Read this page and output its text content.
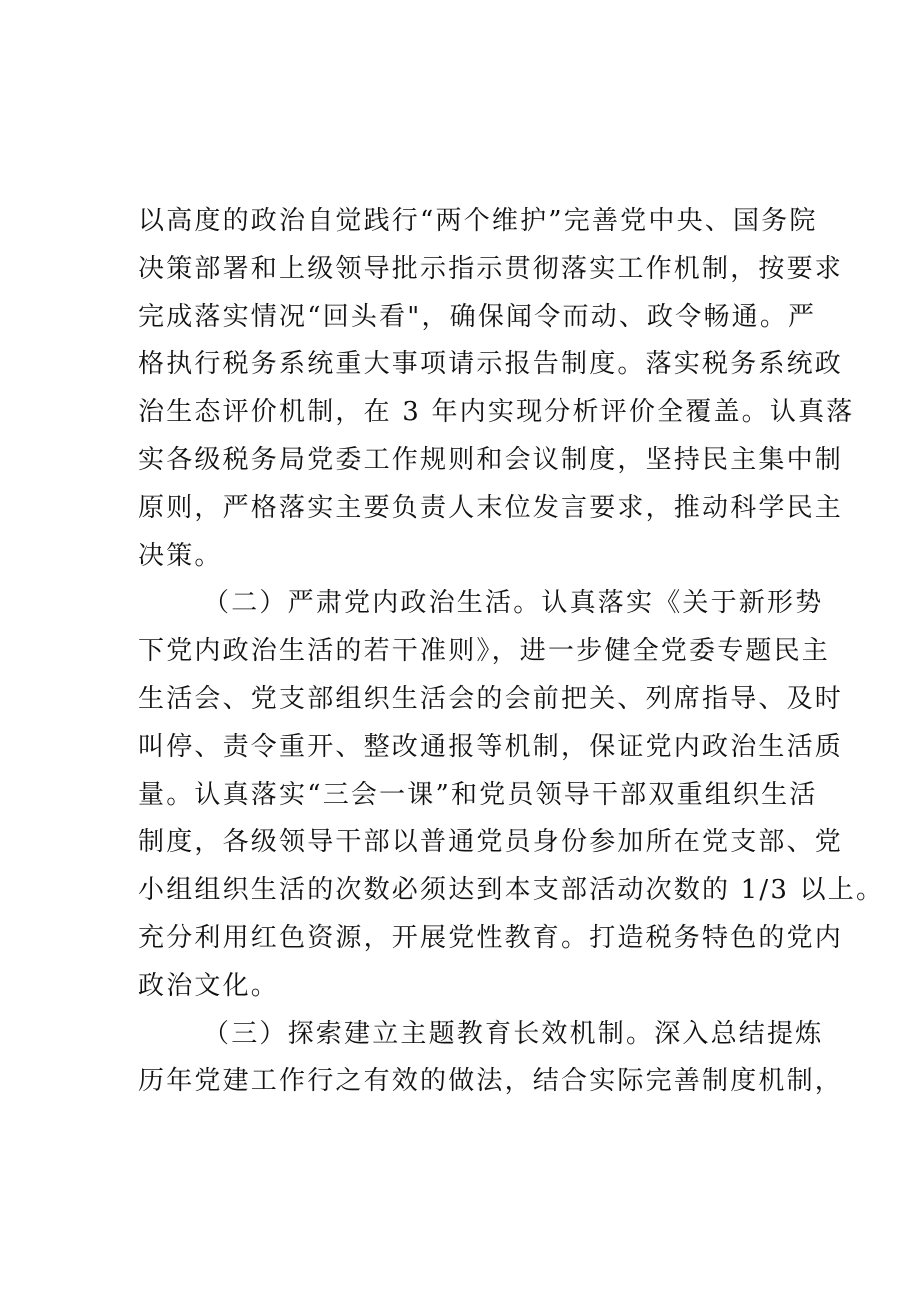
以高度的政治自觉践行“两个维护”完善党中央、国务院
决策部署和上级领导批示指示贯彻落实工作机制，按要求
完成落实情况“回头看"，确保闻令而动、政令畅通。严
格执行税务系统重大事项请示报告制度。落实税务系统政
治生态评价机制，在 3 年内实现分析评价全覆盖。认真落
实各级税务局党委工作规则和会议制度，坚持民主集中制
原则，严格落实主要负责人末位发言要求，推动科学民主
决策。
（二）严肃党内政治生活。认真落实《关于新形势
下党内政治生活的若干准则》，进一步健全党委专题民主
生活会、党支部组织生活会的会前把关、列席指导、及时
叫停、责令重开、整改通报等机制，保证党内政治生活质
量。认真落实“三会一课”和党员领导干部双重组织生活
制度，各级领导干部以普通党员身份参加所在党支部、党
小组组织生活的次数必须达到本支部活动次数的 1/3 以上。
充分利用红色资源，开展党性教育。打造税务特色的党内
政治文化。
（三）探索建立主题教育长效机制。深入总结提炼
历年党建工作行之有效的做法，结合实际完善制度机制，
